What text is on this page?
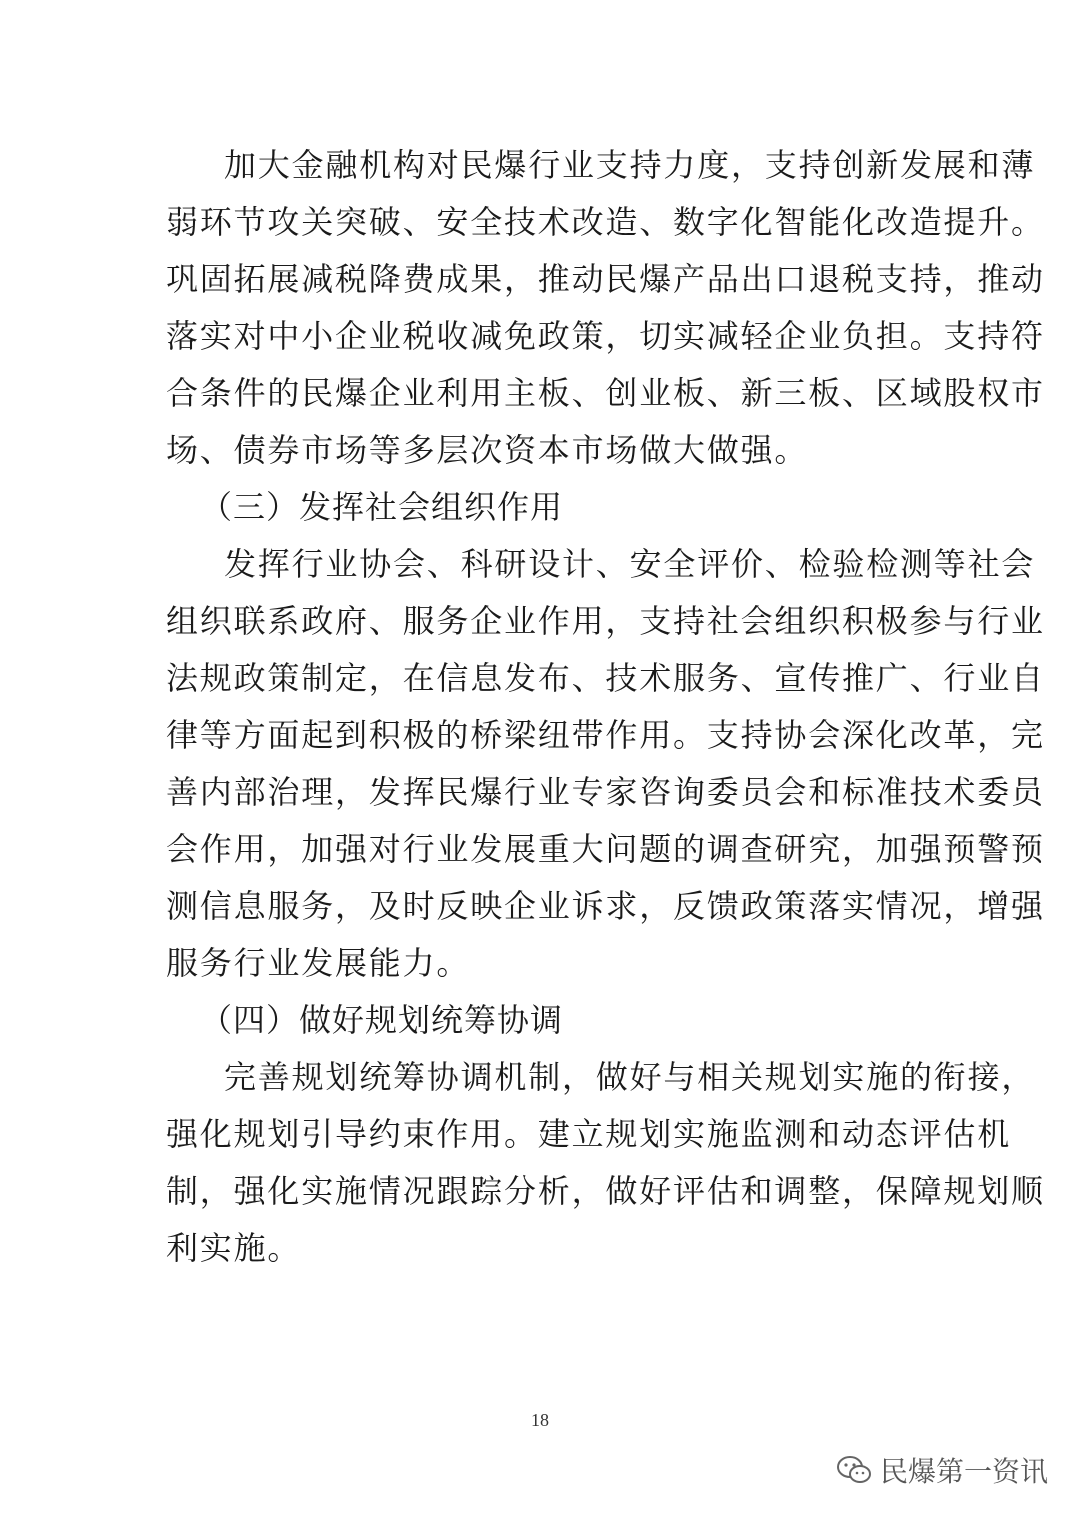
加大金融机构对民爆行业支持力度，支持创新发展和薄
弱环节攻关突破、安全技术改造、数字化智能化改造提升。
巩固拓展减税降费成果，推动民爆产品出口退税支持，推动
落实对中小企业税收减免政策，切实减轻企业负担。支持符
合条件的民爆企业利用主板、创业板、新三板、区域股权市
场、债券市场等多层次资本市场做大做强。
（三）发挥社会组织作用
发挥行业协会、科研设计、安全评价、检验检测等社会
组织联系政府、服务企业作用，支持社会组织积极参与行业
法规政策制定，在信息发布、技术服务、宣传推广、行业自
律等方面起到积极的桥梁纽带作用。支持协会深化改革，完
善内部治理，发挥民爆行业专家咨询委员会和标准技术委员
会作用，加强对行业发展重大问题的调查研究，加强预警预
测信息服务，及时反映企业诉求，反馈政策落实情况，增强
服务行业发展能力。
（四）做好规划统筹协调
完善规划统筹协调机制，做好与相关规划实施的衔接，
强化规划引导约束作用。建立规划实施监测和动态评估机
制，强化实施情况跟踪分析，做好评估和调整，保障规划顺
利实施。
18
民爆第一资讯
